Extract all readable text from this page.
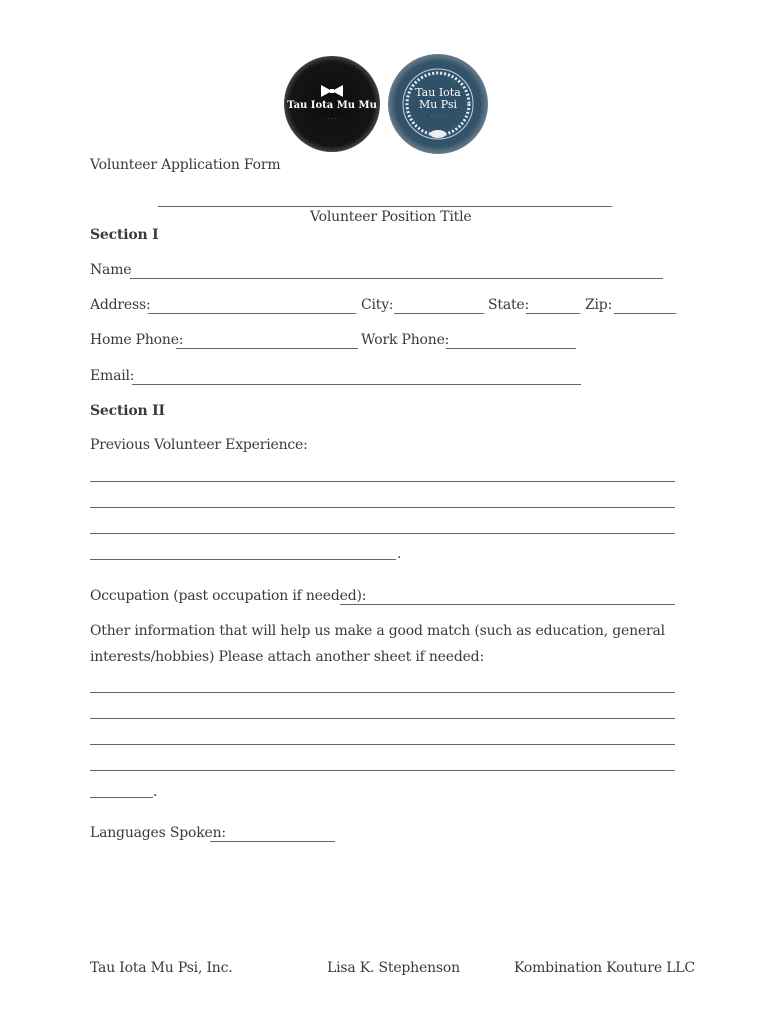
Tau Iota Mu Mu
· · · · ·
Tau Iota
Mu Psi
· · · · ·
Volunteer Application Form
Volunteer Position Title
Section I
Name
Address:	City:	State:	Zip:
Home Phone:	Work Phone:
Email:
Section II
Previous Volunteer Experience:
.
Occupation (past occupation if needed):
Other information that will help us make a good match (such as education, general
interests/hobbies) Please attach another sheet if needed:
.
Languages Spoken:
Tau Iota Mu Psi, Inc.	Lisa K. Stephenson	Kombination Kouture LLC
